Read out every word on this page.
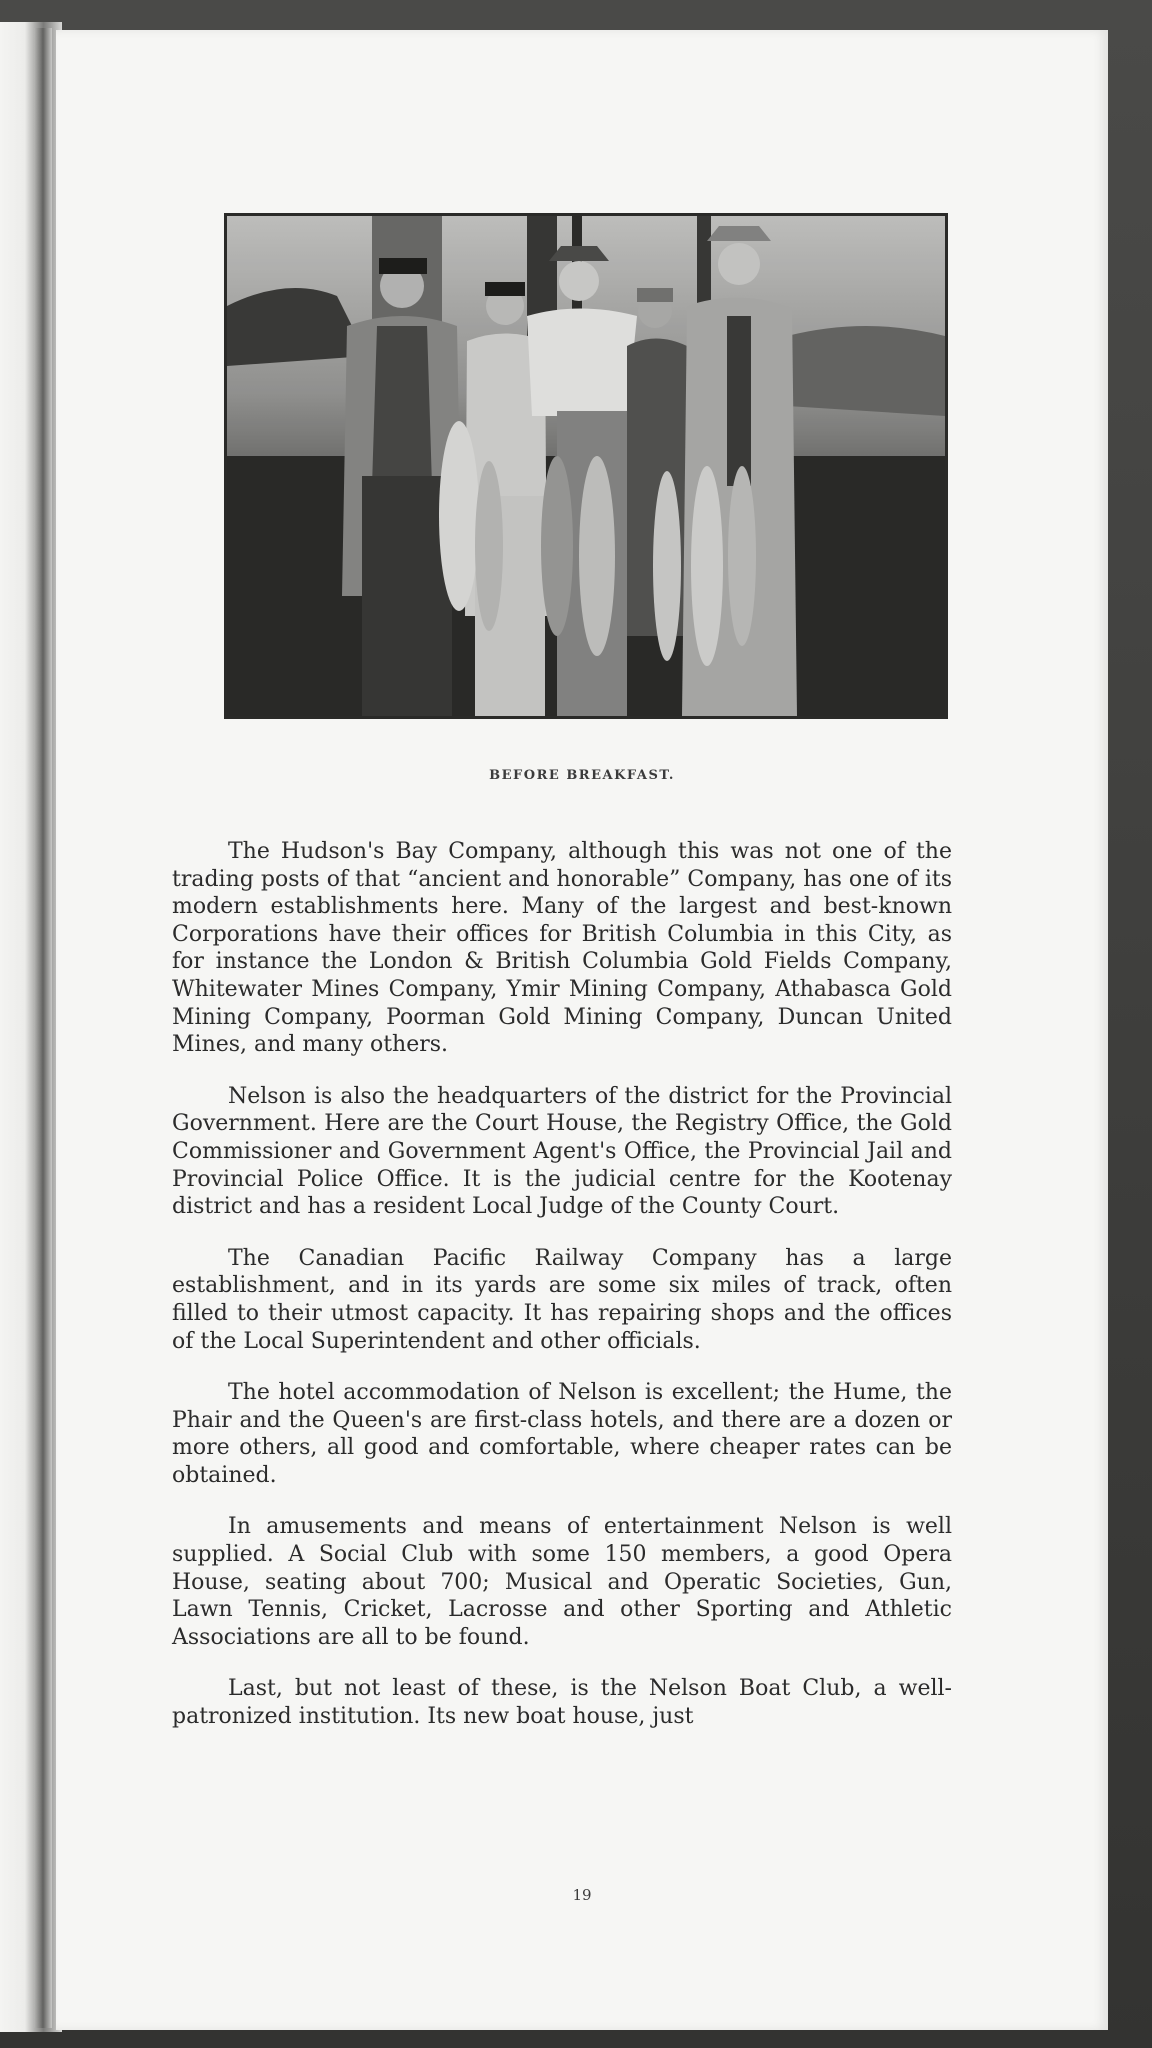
BEFORE BREAKFAST.

The Hudson's Bay Company, although this was not one of the trading posts of that “ancient and honorable” Company, has one of its modern establishments here. Many of the largest and best-known Corporations have their offices for British Columbia in this City, as for instance the London & British Columbia Gold Fields Company, Whitewater Mines Company, Ymir Mining Company, Athabasca Gold Mining Company, Poorman Gold Mining Company, Duncan United Mines, and many others.

Nelson is also the headquarters of the district for the Provincial Government. Here are the Court House, the Registry Office, the Gold Commissioner and Government Agent's Office, the Provincial Jail and Provincial Police Office. It is the judicial centre for the Kootenay district and has a resident Local Judge of the County Court.

The Canadian Pacific Railway Company has a large establishment, and in its yards are some six miles of track, often filled to their utmost capacity. It has repairing shops and the offices of the Local Superintendent and other officials.

The hotel accommodation of Nelson is excellent; the Hume, the Phair and the Queen's are first-class hotels, and there are a dozen or more others, all good and comfortable, where cheaper rates can be obtained.

In amusements and means of entertainment Nelson is well supplied. A Social Club with some 150 members, a good Opera House, seating about 700; Musical and Operatic Societies, Gun, Lawn Tennis, Cricket, Lacrosse and other Sporting and Athletic Associations are all to be found.

Last, but not least of these, is the Nelson Boat Club, a well-patronized institution. Its new boat house, just

19
